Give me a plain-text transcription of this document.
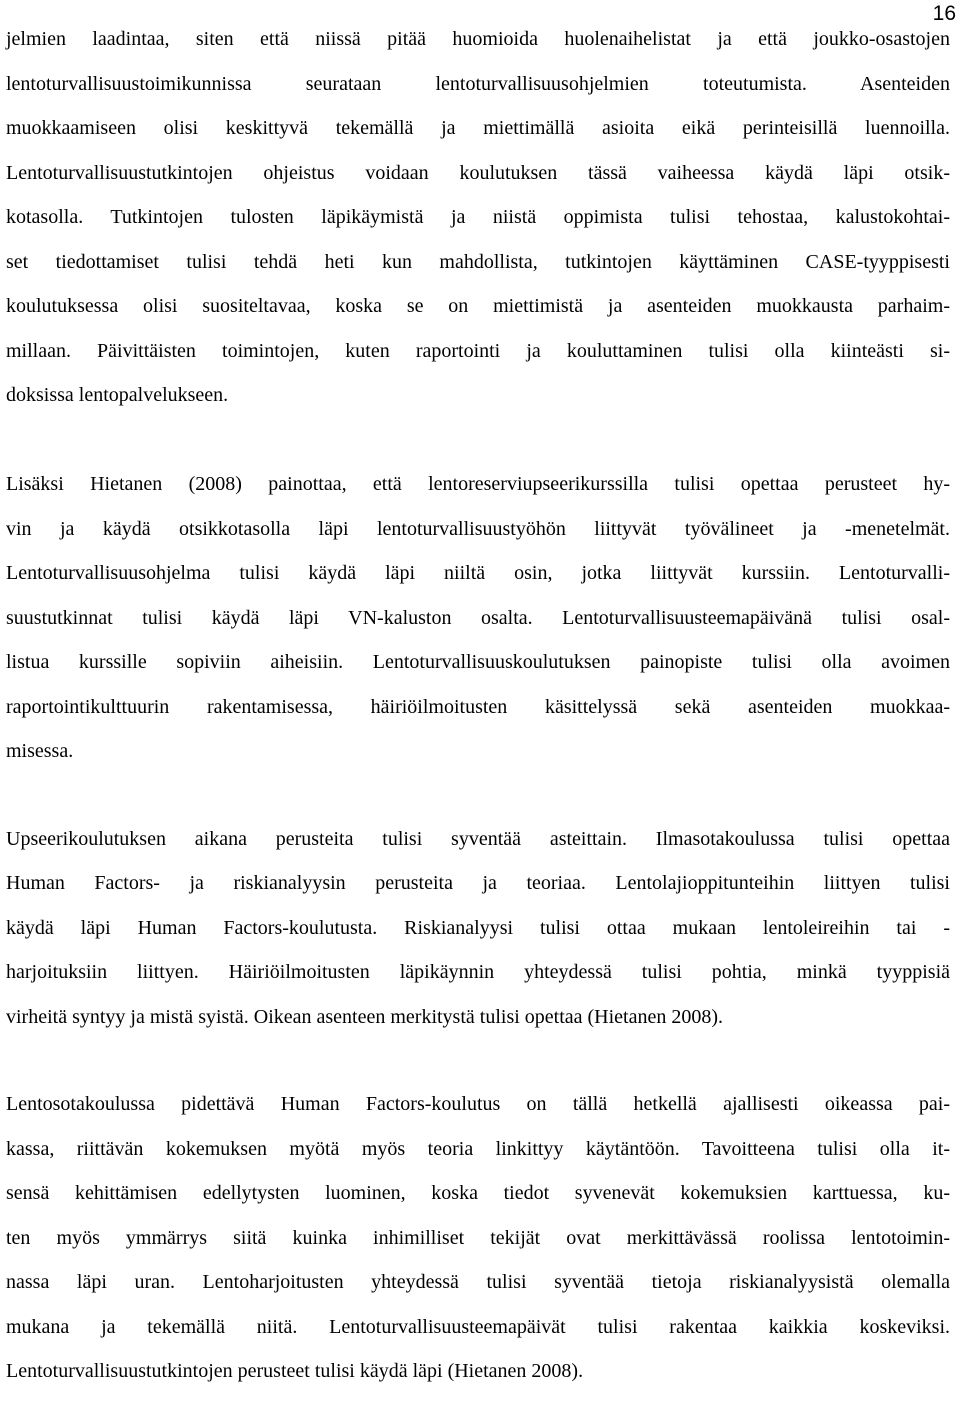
16
jelmien laadintaa, siten että niissä pitää huomioida huolenaihelistat ja että joukko-osastojen
lentoturvallisuustoimikunnissa seurataan lentoturvallisuusohjelmien toteutumista. Asenteiden
muokkaamiseen olisi keskittyvä tekemällä ja miettimällä asioita eikä perinteisillä luennoilla.
Lentoturvallisuustutkintojen ohjeistus voidaan koulutuksen tässä vaiheessa käydä läpi otsik-
kotasolla. Tutkintojen tulosten läpikäymistä ja niistä oppimista tulisi tehostaa, kalustokohtai-
set tiedottamiset tulisi tehdä heti kun mahdollista, tutkintojen käyttäminen CASE-tyyppisesti
koulutuksessa olisi suositeltavaa, koska se on miettimistä ja asenteiden muokkausta parhaim-
millaan. Päivittäisten toimintojen, kuten raportointi ja kouluttaminen tulisi olla kiinteästi si-
doksissa lentopalvelukseen.
Lisäksi Hietanen (2008) painottaa, että lentoreserviupseerikurssilla tulisi opettaa perusteet hy-
vin ja käydä otsikkotasolla läpi lentoturvallisuustyöhön liittyvät työvälineet ja -menetelmät.
Lentoturvallisuusohjelma tulisi käydä läpi niiltä osin, jotka liittyvät kurssiin. Lentoturvalli-
suustutkinnat tulisi käydä läpi VN-kaluston osalta. Lentoturvallisuusteemapäivänä tulisi osal-
listua kurssille sopiviin aiheisiin. Lentoturvallisuuskoulutuksen painopiste tulisi olla avoimen
raportointikulttuurin rakentamisessa, häiriöilmoitusten käsittelyssä sekä asenteiden muokkaa-
misessa.
Upseerikoulutuksen aikana perusteita tulisi syventää asteittain. Ilmasotakoulussa tulisi opettaa
Human Factors- ja riskianalyysin perusteita ja teoriaa. Lentolajioppitunteihin liittyen tulisi
käydä läpi Human Factors-koulutusta. Riskianalyysi tulisi ottaa mukaan lentoleireihin tai -
harjoituksiin liittyen. Häiriöilmoitusten läpikäynnin yhteydessä tulisi pohtia, minkä tyyppisiä
virheitä syntyy ja mistä syistä. Oikean asenteen merkitystä tulisi opettaa (Hietanen 2008).
Lentosotakoulussa pidettävä Human Factors-koulutus on tällä hetkellä ajallisesti oikeassa pai-
kassa, riittävän kokemuksen myötä myös teoria linkittyy käytäntöön. Tavoitteena tulisi olla it-
sensä kehittämisen edellytysten luominen, koska tiedot syvenevät kokemuksien karttuessa, ku-
ten myös ymmärrys siitä kuinka inhimilliset tekijät ovat merkittävässä roolissa lentotoimin-
nassa läpi uran. Lentoharjoitusten yhteydessä tulisi syventää tietoja riskianalyysistä olemalla
mukana ja tekemällä niitä. Lentoturvallisuusteemapäivät tulisi rakentaa kaikkia koskeviksi.
Lentoturvallisuustutkintojen perusteet tulisi käydä läpi (Hietanen 2008).
